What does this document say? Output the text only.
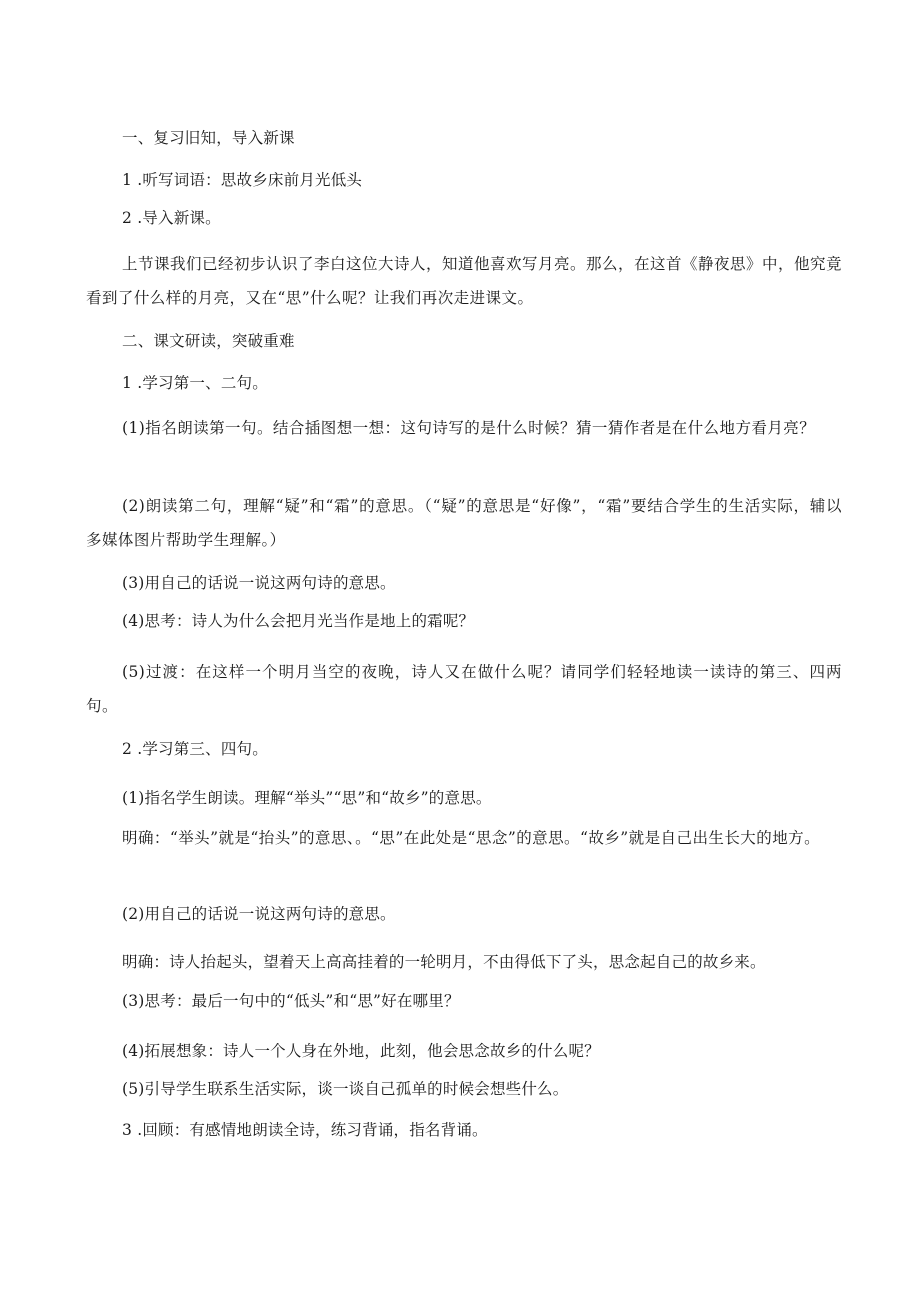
一、复习旧知，导入新课
1 .听写词语：思故乡床前月光低头
2 .导入新课。
上节课我们已经初步认识了李白这位大诗人，知道他喜欢写月亮。那么，在这首《静夜思》中，他究竟看到了什么样的月亮，又在“思”什么呢？让我们再次走进课文。
二、课文研读，突破重难
1 .学习第一、二句。
(1)指名朗读第一句。结合插图想一想：这句诗写的是什么时候？猜一猜作者是在什么地方看月亮？
(2)朗读第二句，理解“疑”和“霜”的意思。（“疑”的意思是“好像”，“霜”要结合学生的生活实际，辅以多媒体图片帮助学生理解。）
(3)用自己的话说一说这两句诗的意思。
(4)思考：诗人为什么会把月光当作是地上的霜呢？
(5)过渡：在这样一个明月当空的夜晚，诗人又在做什么呢？请同学们轻轻地读一读诗的第三、四两句。
2 .学习第三、四句。
(1)指名学生朗读。理解“举头”“思”和“故乡”的意思。
明确：“举头”就是“抬头”的意思、。“思”在此处是“思念”的意思。“故乡”就是自己出生长大的地方。
(2)用自己的话说一说这两句诗的意思。
明确：诗人抬起头，望着天上高高挂着的一轮明月，不由得低下了头，思念起自己的故乡来。
(3)思考：最后一句中的“低头”和“思”好在哪里？
(4)拓展想象：诗人一个人身在外地，此刻，他会思念故乡的什么呢？
(5)引导学生联系生活实际，谈一谈自己孤单的时候会想些什么。
3 .回顾：有感情地朗读全诗，练习背诵，指名背诵。
